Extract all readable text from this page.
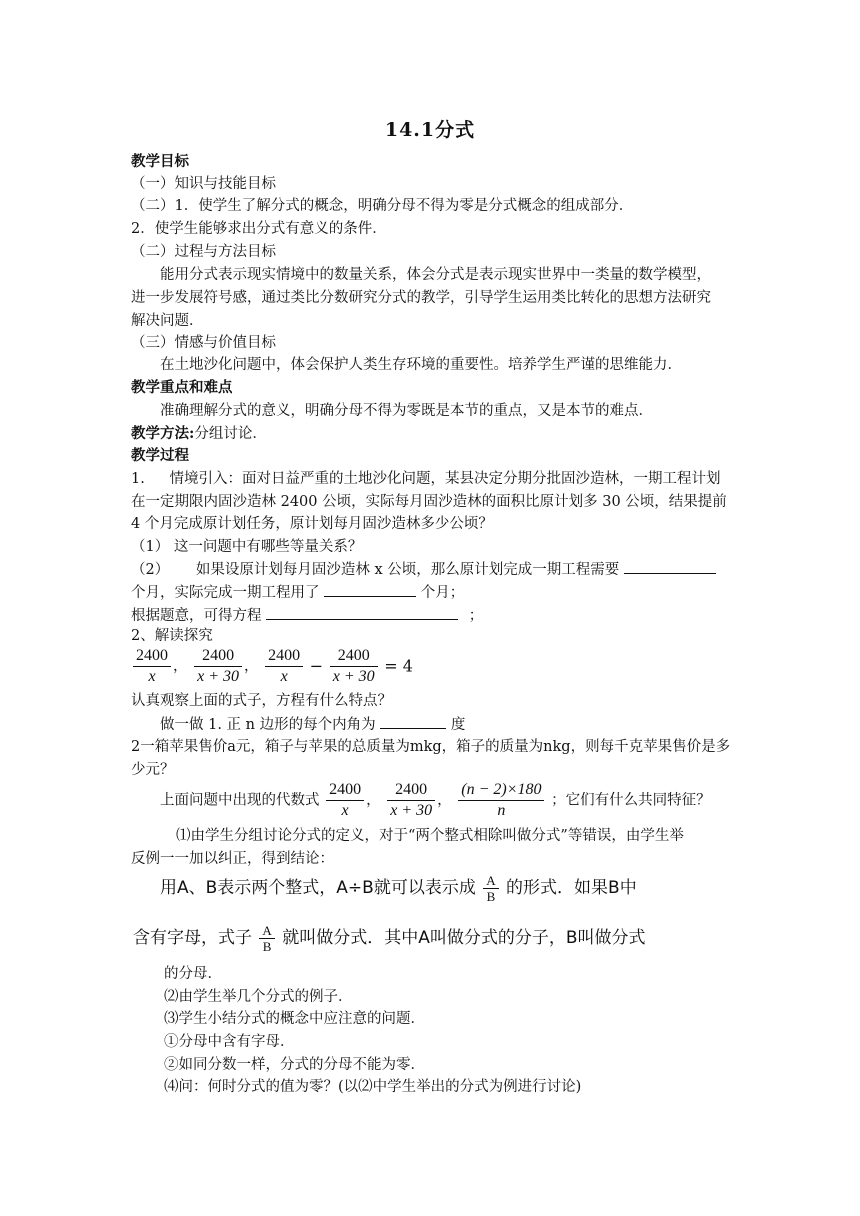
14.1分式
教学目标
（一）知识与技能目标
（二）1．使学生了解分式的概念，明确分母不得为零是分式概念的组成部分．
2．使学生能够求出分式有意义的条件．
（二）过程与方法目标
能用分式表示现实情境中的数量关系，体会分式是表示现实世界中一类量的数学模型，
进一步发展符号感，通过类比分数研究分式的教学，引导学生运用类比转化的思想方法研究
解决问题．
（三）情感与价值目标
在土地沙化问题中，体会保护人类生存环境的重要性。培养学生严谨的思维能力．
教学重点和难点
准确理解分式的意义，明确分母不得为零既是本节的重点，又是本节的难点．
教学方法:分组讨论．
教学过程
1. 情境引入：面对日益严重的土地沙化问题，某县决定分期分批固沙造林，一期工程计划
在一定期限内固沙造林 2400 公顷，实际每月固沙造林的面积比原计划多 30 公顷，结果提前
4 个月完成原计划任务，原计划每月固沙造林多少公顷？
（1） 这一问题中有哪些等量关系？
（2） 如果设原计划每月固沙造林 x 公顷，那么原计划完成一期工程需要
个月，实际完成一期工程用了	个月；
根据题意，可得方程	；
2、解读探究
$\frac{2400}{x}$ ， $\frac{2400}{x + 30}$ ， $\frac{2400}{x} - \frac{2400}{x + 30} = 4$
认真观察上面的式子，方程有什么特点？
做一做 1. 正 n 边形的每个内角为	度
2一箱苹果售价a元，箱子与苹果的总质量为mkg，箱子的质量为nkg，则每千克苹果售价是多
少元？
上面问题中出现的代数式 $\frac{2400}{x}$ ， $\frac{2400}{x + 30}$ ， $\frac{(n - 2)\times 180}{n}$ ；它们有什么共同特征？
⑴由学生分组讨论分式的定义，对于“两个整式相除叫做分式”等错误，由学生举
反例一一加以纠正，得到结论：
用A、B表示两个整式，A÷B就可以表示成 $\frac{A}{B}$ 的形式．如果B中
含有字母，式子 $\frac{A}{B}$ 就叫做分式．其中A叫做分式的分子，B叫做分式
的分母．
⑵由学生举几个分式的例子．
⑶学生小结分式的概念中应注意的问题．
①分母中含有字母．
②如同分数一样，分式的分母不能为零．
⑷问：何时分式的值为零？(以⑵中学生举出的分式为例进行讨论)
